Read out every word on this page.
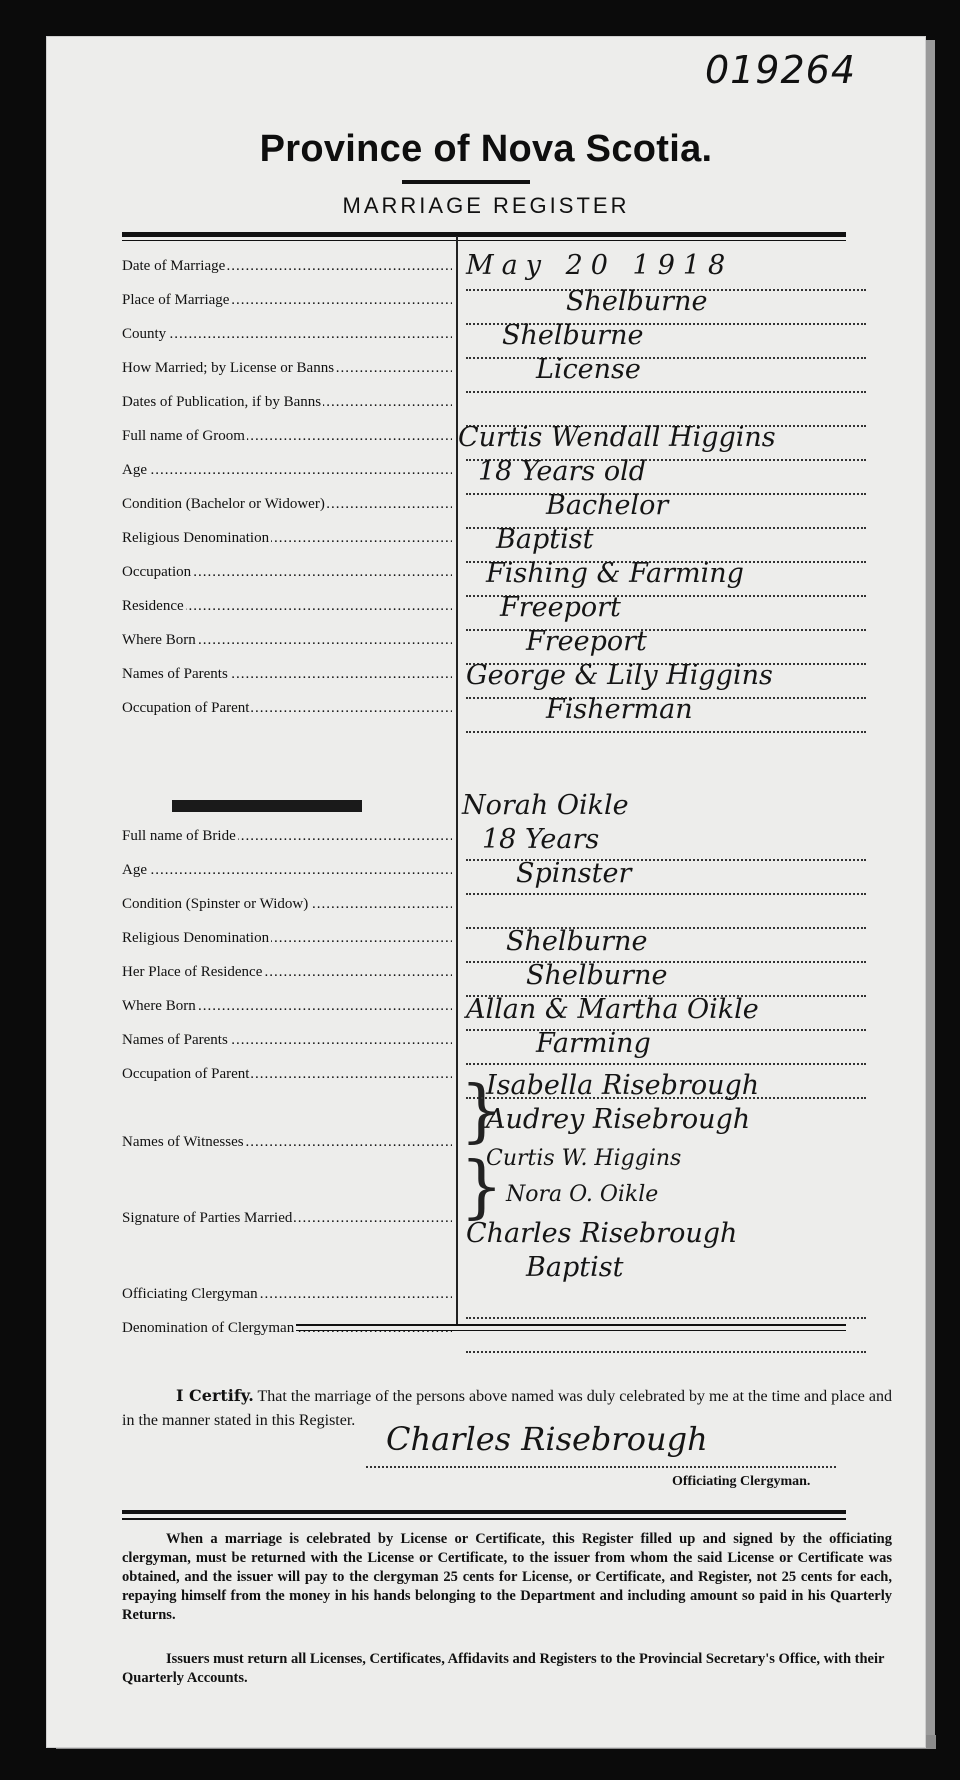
019264
Province of Nova Scotia.
MARRIAGE REGISTER
Date of Marriage .....
Place of Marriage .....
County .....
How Married; by License or Banns .....
Dates of Publication, if by Banns .....
Full name of Groom .....
Age .....
Condition (Bachelor or Widower) .....
Religious Denomination .....
Occupation .....
Residence .....
Where Born .....
Names of Parents .....
Occupation of Parent .....
Full name of Bride .....
Age .....
Condition (Spinster or Widow) .....
Religious Denomination .....
Her Place of Residence .....
Where Born .....
Names of Parents .....
Occupation of Parent .....
Names of Witnesses .....
Signature of Parties Married .....
Officiating Clergyman .....
Denomination of Clergyman .....
}
}
May 20 1918
Shelburne
Shelburne
License
Curtis Wendall Higgins
18 Years old
Bachelor
Baptist
Fishing & Farming
Freeport
Freeport
George & Lily Higgins
Fisherman
Norah Oikle
18 Years
Spinster
Shelburne
Shelburne
Allan & Martha Oikle
Farming
Isabella Risebrough
Audrey Risebrough
Curtis W. Higgins
Nora O. Oikle
Charles Risebrough
Baptist
I Certify. That the marriage of the persons above named was duly celebrated by me at the time and place and in the manner stated in this Register. Charles Risebrough
Officiating Clergyman.
When a marriage is celebrated by License or Certificate, this Register filled up and signed by the officiating clergyman, must be returned with the License or Certificate, to the issuer from whom the said License or Certificate was obtained, and the issuer will pay to the clergyman 25 cents for License, or Certificate, and Register, not 25 cents for each, repaying himself from the money in his hands belonging to the Department and including amount so paid in his Quarterly Returns.
Issuers must return all Licenses, Certificates, Affidavits and Registers to the Provincial Secretary's Office, with their Quarterly Accounts.
